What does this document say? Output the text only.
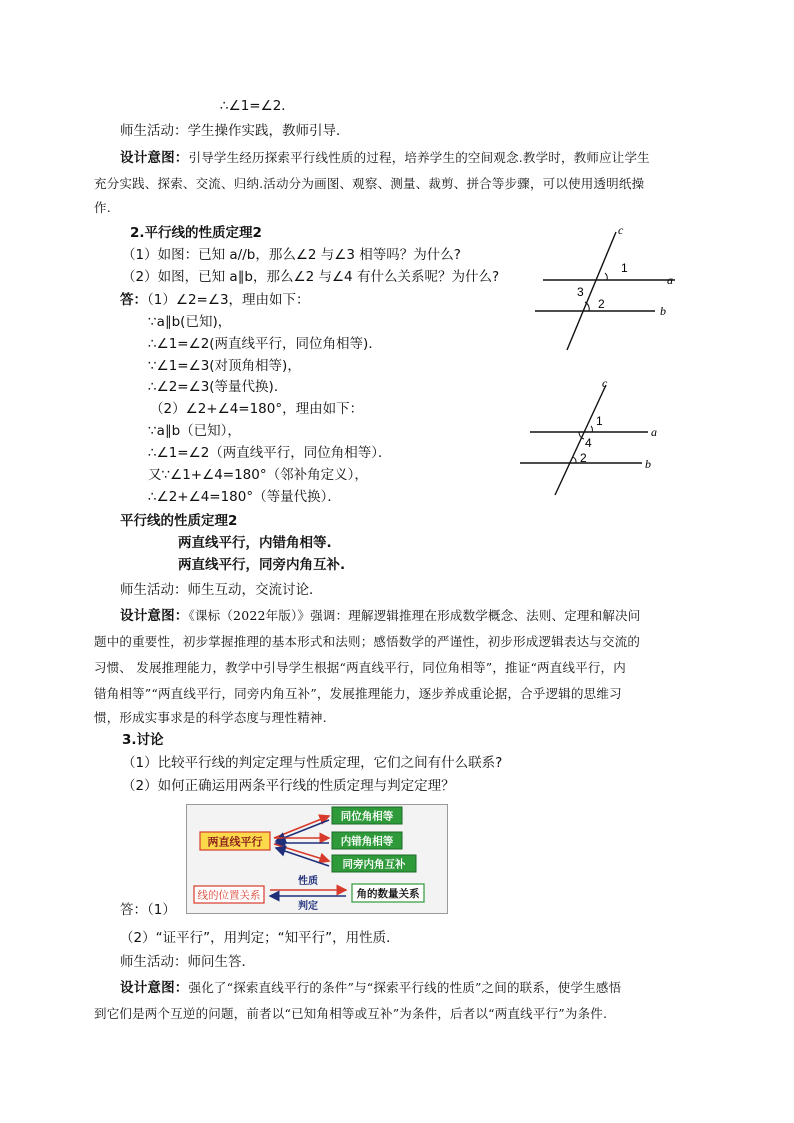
∴∠1=∠2．
师生活动：学生操作实践，教师引导．
设计意图：引导学生经历探索平行线性质的过程，培养学生的空间观念.教学时，教师应让学生
充分实践、探索、交流、归纳.活动分为画图、观察、测量、裁剪、拼合等步骤，可以使用透明纸操
作.
2.平行线的性质定理2
（1）如图：已知 a//b，那么∠2 与∠3 相等吗？为什么?
（2）如图，已知 a∥b，那么∠2 与∠4 有什么关系呢？为什么?
答：（1）∠2=∠3，理由如下：
∵a∥b(已知)，
∴∠1=∠2(两直线平行，同位角相等)．
∵∠1=∠3(对顶角相等)，
∴∠2=∠3(等量代换)．
（2）∠2+∠4=180°，理由如下：
∵a∥b（已知），
∴∠1=∠2（两直线平行，同位角相等）．
又∵∠1+∠4=180°（邻补角定义），
∴∠2+∠4=180°（等量代换）．
平行线的性质定理2
两直线平行，内错角相等.
两直线平行，同旁内角互补.
师生活动：师生互动，交流讨论．
设计意图：《课标（2022年版）》强调：理解逻辑推理在形成数学概念、法则、定理和解决问
题中的重要性，初步掌握推理的基本形式和法则；感悟数学的严谨性，初步形成逻辑表达与交流的
习惯、 发展推理能力，教学中引导学生根据“两直线平行，同位角相等”，推证“两直线平行，内
错角相等”“两直线平行，同旁内角互补”，发展推理能力，逐步养成重论据，合乎逻辑的思维习
惯，形成实事求是的科学态度与理性精神.
1
2
3
c
a
b
1
4
2
c
a
b
3.讨论
（1）比较平行线的判定定理与性质定理，它们之间有什么联系?
（2）如何正确运用两条平行线的性质定理与判定定理？
两直线平行
同位角相等
内错角相等
同旁内角互补
线的位置关系	角的数量关系
性质
判定
答：（1）
（2）“证平行”，用判定；“知平行”，用性质．
师生活动：师问生答．
设计意图：强化了“探索直线平行的条件”与“探索平行线的性质”之间的联系，使学生感悟
到它们是两个互逆的问题，前者以“已知角相等或互补”为条件，后者以“两直线平行”为条件.
